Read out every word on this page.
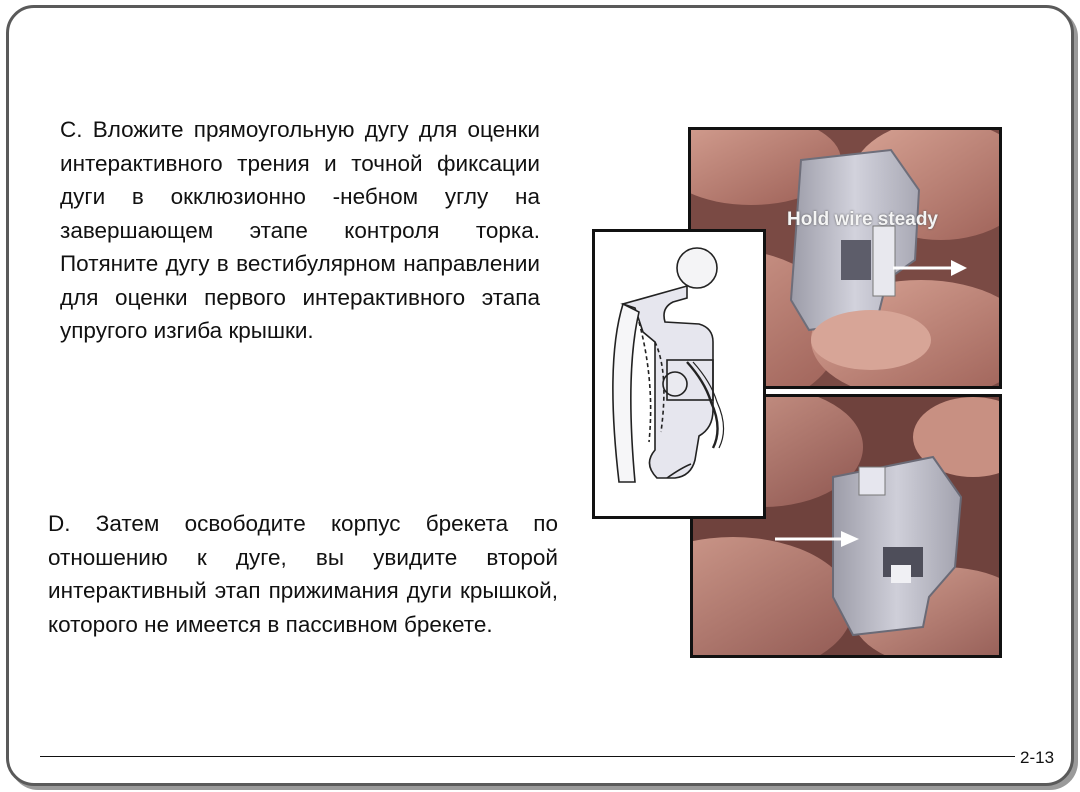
С. Вложите прямоугольную дугу для оценки интерактивного трения и точной фиксации дуги в окклюзионно -небном углу на завершающем этапе контроля торка. Потяните дугу в вестибулярном направлении для оценки первого интерактивного этапа упругого изгиба крышки.
D. Затем освободите корпус брекета по отношению к дуге, вы увидите второй интерактивный этап прижимания дуги крышкой, которого не имеется в пассивном брекете.
Hold wire steady
2-13
